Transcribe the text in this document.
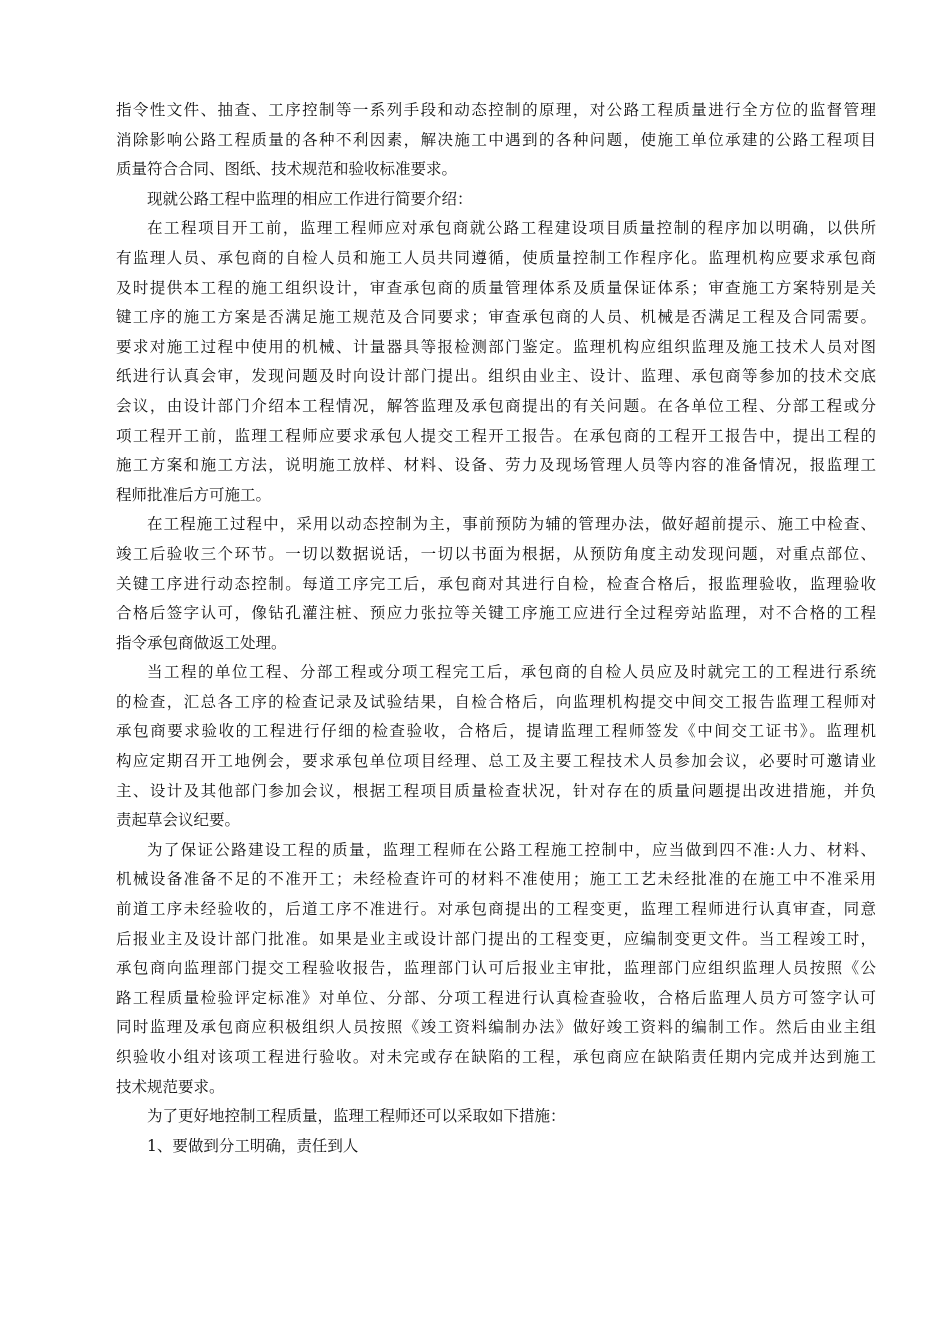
指令性文件、抽查、工序控制等一系列手段和动态控制的原理，对公路工程质量进行全方位的监督管理
消除影响公路工程质量的各种不利因素，解决施工中遇到的各种问题，使施工单位承建的公路工程项目
质量符合合同、图纸、技术规范和验收标准要求。
现就公路工程中监理的相应工作进行简要介绍：
在工程项目开工前，监理工程师应对承包商就公路工程建设项目质量控制的程序加以明确，以供所
有监理人员、承包商的自检人员和施工人员共同遵循，使质量控制工作程序化。监理机构应要求承包商
及时提供本工程的施工组织设计，审查承包商的质量管理体系及质量保证体系；审查施工方案特别是关
键工序的施工方案是否满足施工规范及合同要求；审查承包商的人员、机械是否满足工程及合同需要。
要求对施工过程中使用的机械、计量器具等报检测部门鉴定。监理机构应组织监理及施工技术人员对图
纸进行认真会审，发现问题及时向设计部门提出。组织由业主、设计、监理、承包商等参加的技术交底
会议，由设计部门介绍本工程情况，解答监理及承包商提出的有关问题。在各单位工程、分部工程或分
项工程开工前，监理工程师应要求承包人提交工程开工报告。在承包商的工程开工报告中，提出工程的
施工方案和施工方法，说明施工放样、材料、设备、劳力及现场管理人员等内容的准备情况，报监理工
程师批准后方可施工。
在工程施工过程中，采用以动态控制为主，事前预防为辅的管理办法，做好超前提示、施工中检查、
竣工后验收三个环节。一切以数据说话，一切以书面为根据，从预防角度主动发现问题，对重点部位、
关键工序进行动态控制。每道工序完工后，承包商对其进行自检，检查合格后，报监理验收，监理验收
合格后签字认可，像钻孔灌注桩、预应力张拉等关键工序施工应进行全过程旁站监理，对不合格的工程
指令承包商做返工处理。
当工程的单位工程、分部工程或分项工程完工后，承包商的自检人员应及时就完工的工程进行系统
的检查，汇总各工序的检查记录及试验结果，自检合格后，向监理机构提交中间交工报告监理工程师对
承包商要求验收的工程进行仔细的检查验收，合格后，提请监理工程师签发《中间交工证书》。监理机
构应定期召开工地例会，要求承包单位项目经理、总工及主要工程技术人员参加会议，必要时可邀请业
主、设计及其他部门参加会议，根据工程项目质量检查状况，针对存在的质量问题提出改进措施，并负
责起草会议纪要。
为了保证公路建设工程的质量，监理工程师在公路工程施工控制中，应当做到四不准:人力、材料、
机械设备准备不足的不准开工；未经检查许可的材料不准使用；施工工艺未经批准的在施工中不准采用
前道工序未经验收的，后道工序不准进行。对承包商提出的工程变更，监理工程师进行认真审查，同意
后报业主及设计部门批准。如果是业主或设计部门提出的工程变更，应编制变更文件。当工程竣工时，
承包商向监理部门提交工程验收报告，监理部门认可后报业主审批，监理部门应组织监理人员按照《公
路工程质量检验评定标准》对单位、分部、分项工程进行认真检查验收，合格后监理人员方可签字认可
同时监理及承包商应积极组织人员按照《竣工资料编制办法》做好竣工资料的编制工作。然后由业主组
织验收小组对该项工程进行验收。对未完或存在缺陷的工程，承包商应在缺陷责任期内完成并达到施工
技术规范要求。
为了更好地控制工程质量，监理工程师还可以采取如下措施：
1、要做到分工明确，责任到人
